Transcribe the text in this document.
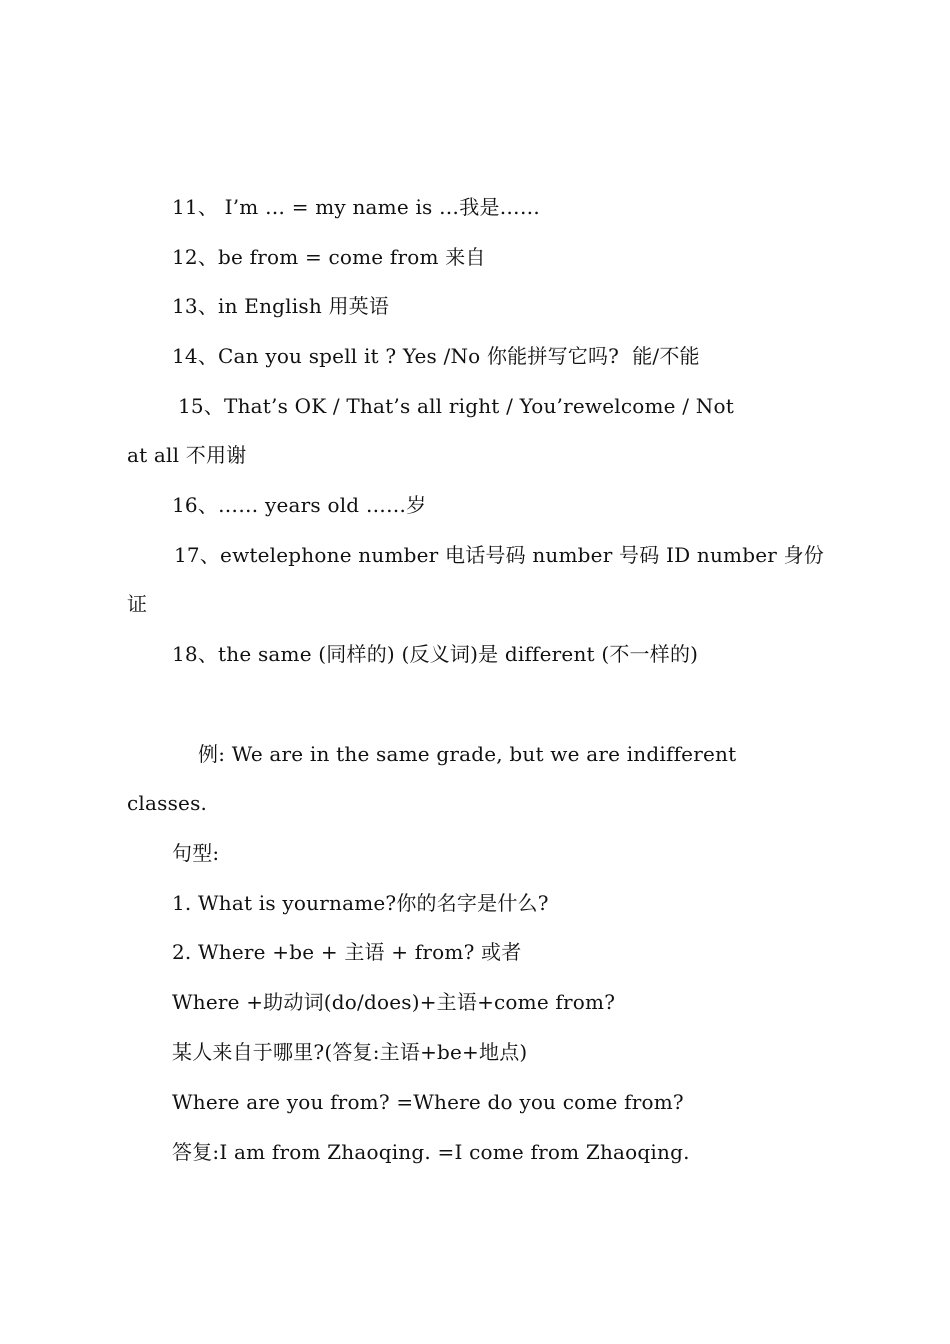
11、 I’m … = my name is …我是……
12、be from = come from 来自
13、in English 用英语
14、Can you spell it ? Yes /No 你能拼写它吗?  能/不能
15、That’s OK / That’s all right / You’rewelcome / Not
at all 不用谢
16、…… years old ……岁
17、ewtelephone number 电话号码 number 号码 ID number 身份
证
18、the same (同样的) (反义词)是 different (不一样的)
例: We are in the same grade, but we are indifferent
classes.
句型:
1. What is yourname?你的名字是什么?
2. Where +be + 主语 + from? 或者
Where +助动词(do/does)+主语+come from?
某人来自于哪里?(答复:主语+be+地点)
Where are you from? =Where do you come from?
答复:I am from Zhaoqing. =I come from Zhaoqing.
